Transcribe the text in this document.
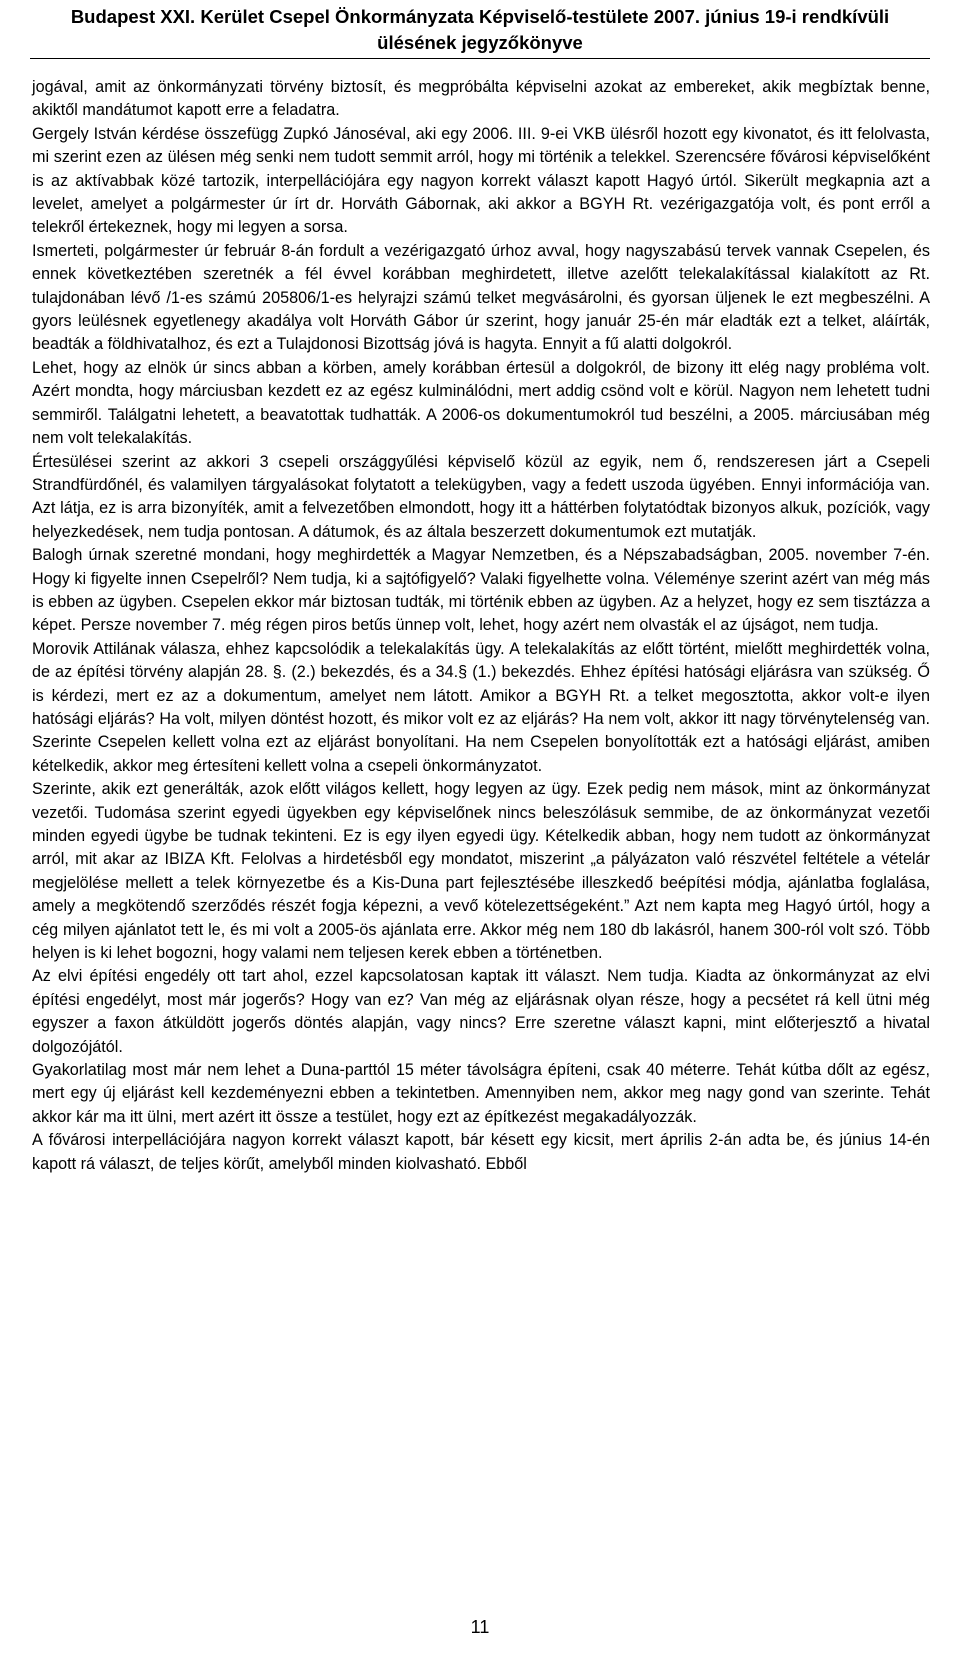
Budapest XXI. Kerület Csepel Önkormányzata Képviselő-testülete 2007. június 19-i rendkívüli
ülésének jegyzőkönyve

jogával, amit az önkormányzati törvény biztosít, és megpróbálta képviselni azokat az embereket, akik megbíztak benne, akiktől mandátumot kapott erre a feladatra.

Gergely István kérdése összefügg Zupkó Jánoséval, aki egy 2006. III. 9-ei VKB ülésről hozott egy kivonatot, és itt felolvasta, mi szerint ezen az ülésen még senki nem tudott semmit arról, hogy mi történik a telekkel. Szerencsére fővárosi képviselőként is az aktívabbak közé tartozik, interpellációjára egy nagyon korrekt választ kapott Hagyó úrtól. Sikerült megkapnia azt a levelet, amelyet a polgármester úr írt dr. Horváth Gábornak, aki akkor a BGYH Rt. vezérigazgatója volt, és pont erről a telekről értekeznek, hogy mi legyen a sorsa.

Ismerteti, polgármester úr február 8-án fordult a vezérigazgató úrhoz avval, hogy nagyszabású tervek vannak Csepelen, és ennek következtében szeretnék a fél évvel korábban meghirdetett, illetve azelőtt telekalakítással kialakított az Rt. tulajdonában lévő /1-es számú 205806/1-es helyrajzi számú telket megvásárolni, és gyorsan üljenek le ezt megbeszélni. A gyors leülésnek egyetlenegy akadálya volt Horváth Gábor úr szerint, hogy január 25-én már eladták ezt a telket, aláírták, beadták a földhivatalhoz, és ezt a Tulajdonosi Bizottság jóvá is hagyta. Ennyit a fű alatti dolgokról.

Lehet, hogy az elnök úr sincs abban a körben, amely korábban értesül a dolgokról, de bizony itt elég nagy probléma volt. Azért mondta, hogy márciusban kezdett ez az egész kulminálódni, mert addig csönd volt e körül. Nagyon nem lehetett tudni semmiről. Találgatni lehetett, a beavatottak tudhatták. A 2006-os dokumentumokról tud beszélni, a 2005. márciusában még nem volt telekalakítás.

Értesülései szerint az akkori 3 csepeli országgyűlési képviselő közül az egyik, nem ő, rendszeresen járt a Csepeli Strandfürdőnél, és valamilyen tárgyalásokat folytatott a telekügyben, vagy a fedett uszoda ügyében. Ennyi információja van. Azt látja, ez is arra bizonyíték, amit a felvezetőben elmondott, hogy itt a háttérben folytatódtak bizonyos alkuk, pozíciók, vagy helyezkedések, nem tudja pontosan. A dátumok, és az általa beszerzett dokumentumok ezt mutatják.

Balogh úrnak szeretné mondani, hogy meghirdették a Magyar Nemzetben, és a Népszabadságban, 2005. november 7-én. Hogy ki figyelte innen Csepelről? Nem tudja, ki a sajtófigyelő? Valaki figyelhette volna. Véleménye szerint azért van még más is ebben az ügyben. Csepelen ekkor már biztosan tudták, mi történik ebben az ügyben. Az a helyzet, hogy ez sem tisztázza a képet. Persze november 7. még régen piros betűs ünnep volt, lehet, hogy azért nem olvasták el az újságot, nem tudja.

Morovik Attilának válasza, ehhez kapcsolódik a telekalakítás ügy. A telekalakítás az előtt történt, mielőtt meghirdették volna, de az építési törvény alapján 28. §. (2.) bekezdés, és a 34.§ (1.) bekezdés. Ehhez építési hatósági eljárásra van szükség. Ő is kérdezi, mert ez az a dokumentum, amelyet nem látott. Amikor a BGYH Rt. a telket megosztotta, akkor volt-e ilyen hatósági eljárás? Ha volt, milyen döntést hozott, és mikor volt ez az eljárás? Ha nem volt, akkor itt nagy törvénytelenség van. Szerinte Csepelen kellett volna ezt az eljárást bonyolítani. Ha nem Csepelen bonyolították ezt a hatósági eljárást, amiben kételkedik, akkor meg értesíteni kellett volna a csepeli önkormányzatot.

Szerinte, akik ezt generálták, azok előtt világos kellett, hogy legyen az ügy. Ezek pedig nem mások, mint az önkormányzat vezetői. Tudomása szerint egyedi ügyekben egy képviselőnek nincs beleszólásuk semmibe, de az önkormányzat vezetői minden egyedi ügybe be tudnak tekinteni. Ez is egy ilyen egyedi ügy. Kételkedik abban, hogy nem tudott az önkormányzat arról, mit akar az IBIZA Kft. Felolvas a hirdetésből egy mondatot, miszerint „a pályázaton való részvétel feltétele a vételár megjelölése mellett a telek környezetbe és a Kis-Duna part fejlesztésébe illeszkedő beépítési módja, ajánlatba foglalása, amely a megkötendő szerződés részét fogja képezni, a vevő kötelezettségeként.” Azt nem kapta meg Hagyó úrtól, hogy a cég milyen ajánlatot tett le, és mi volt a 2005-ös ajánlata erre. Akkor még nem 180 db lakásról, hanem 300-ról volt szó. Több helyen is ki lehet bogozni, hogy valami nem teljesen kerek ebben a történetben.

Az elvi építési engedély ott tart ahol, ezzel kapcsolatosan kaptak itt választ. Nem tudja. Kiadta az önkormányzat az elvi építési engedélyt, most már jogerős? Hogy van ez? Van még az eljárásnak olyan része, hogy a pecsétet rá kell ütni még egyszer a faxon átküldött jogerős döntés alapján, vagy nincs? Erre szeretne választ kapni, mint előterjesztő a hivatal dolgozójától.

Gyakorlatilag most már nem lehet a Duna-parttól 15 méter távolságra építeni, csak 40 méterre. Tehát kútba dőlt az egész, mert egy új eljárást kell kezdeményezni ebben a tekintetben. Amennyiben nem, akkor meg nagy gond van szerinte. Tehát akkor kár ma itt ülni, mert azért itt össze a testület, hogy ezt az építkezést megakadályozzák.

A fővárosi interpellációjára nagyon korrekt választ kapott, bár késett egy kicsit, mert április 2-án adta be, és június 14-én kapott rá választ, de teljes körűt, amelyből minden kiolvasható. Ebből

11
